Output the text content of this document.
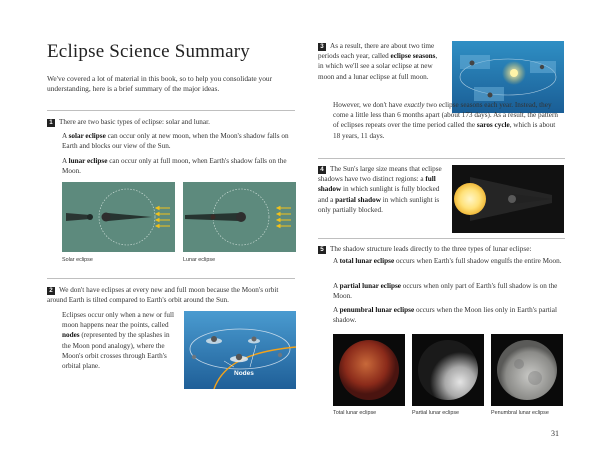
Eclipse Science Summary
We've covered a lot of material in this book, so to help you consolidate your understanding, here is a brief summary of the major ideas.
1 There are two basic types of eclipse: solar and lunar.
A solar eclipse can occur only at new moon, when the Moon's shadow falls on Earth and blocks our view of the Sun.
A lunar eclipse can occur only at full moon, when Earth's shadow falls on the Moon.
Solar eclipse	Lunar eclipse
2 We don't have eclipses at every new and full moon because the Moon's orbit around Earth is tilted compared to Earth's orbit around the Sun.
Eclipses occur only when a new or full moon happens near the points, called nodes (represented by the splashes in the Moon pond analogy), where the Moon's orbit crosses through Earth's orbital plane.
Nodes
3 As a result, there are about two time periods each year, called eclipse seasons, in which we'll see a solar eclipse at new moon and a lunar eclipse at full moon.
However, we don't have exactly two eclipse seasons each year. Instead, they come a little less than 6 months apart (about 173 days). As a result, the pattern of eclipses repeats over the time period called the saros cycle, which is about 18 years, 11 days.
4 The Sun's large size means that eclipse shadows have two distinct regions: a full shadow in which sunlight is fully blocked and a partial shadow in which sunlight is only partially blocked.
5 The shadow structure leads directly to the three types of lunar eclipse:
A total lunar eclipse occurs when Earth's full shadow engulfs the entire Moon.
A partial lunar eclipse occurs when only part of Earth's full shadow is on the Moon.
A penumbral lunar eclipse occurs when the Moon lies only in Earth's partial shadow.
Total lunar eclipse	Partial lunar eclipse	Penumbral lunar eclipse
31
